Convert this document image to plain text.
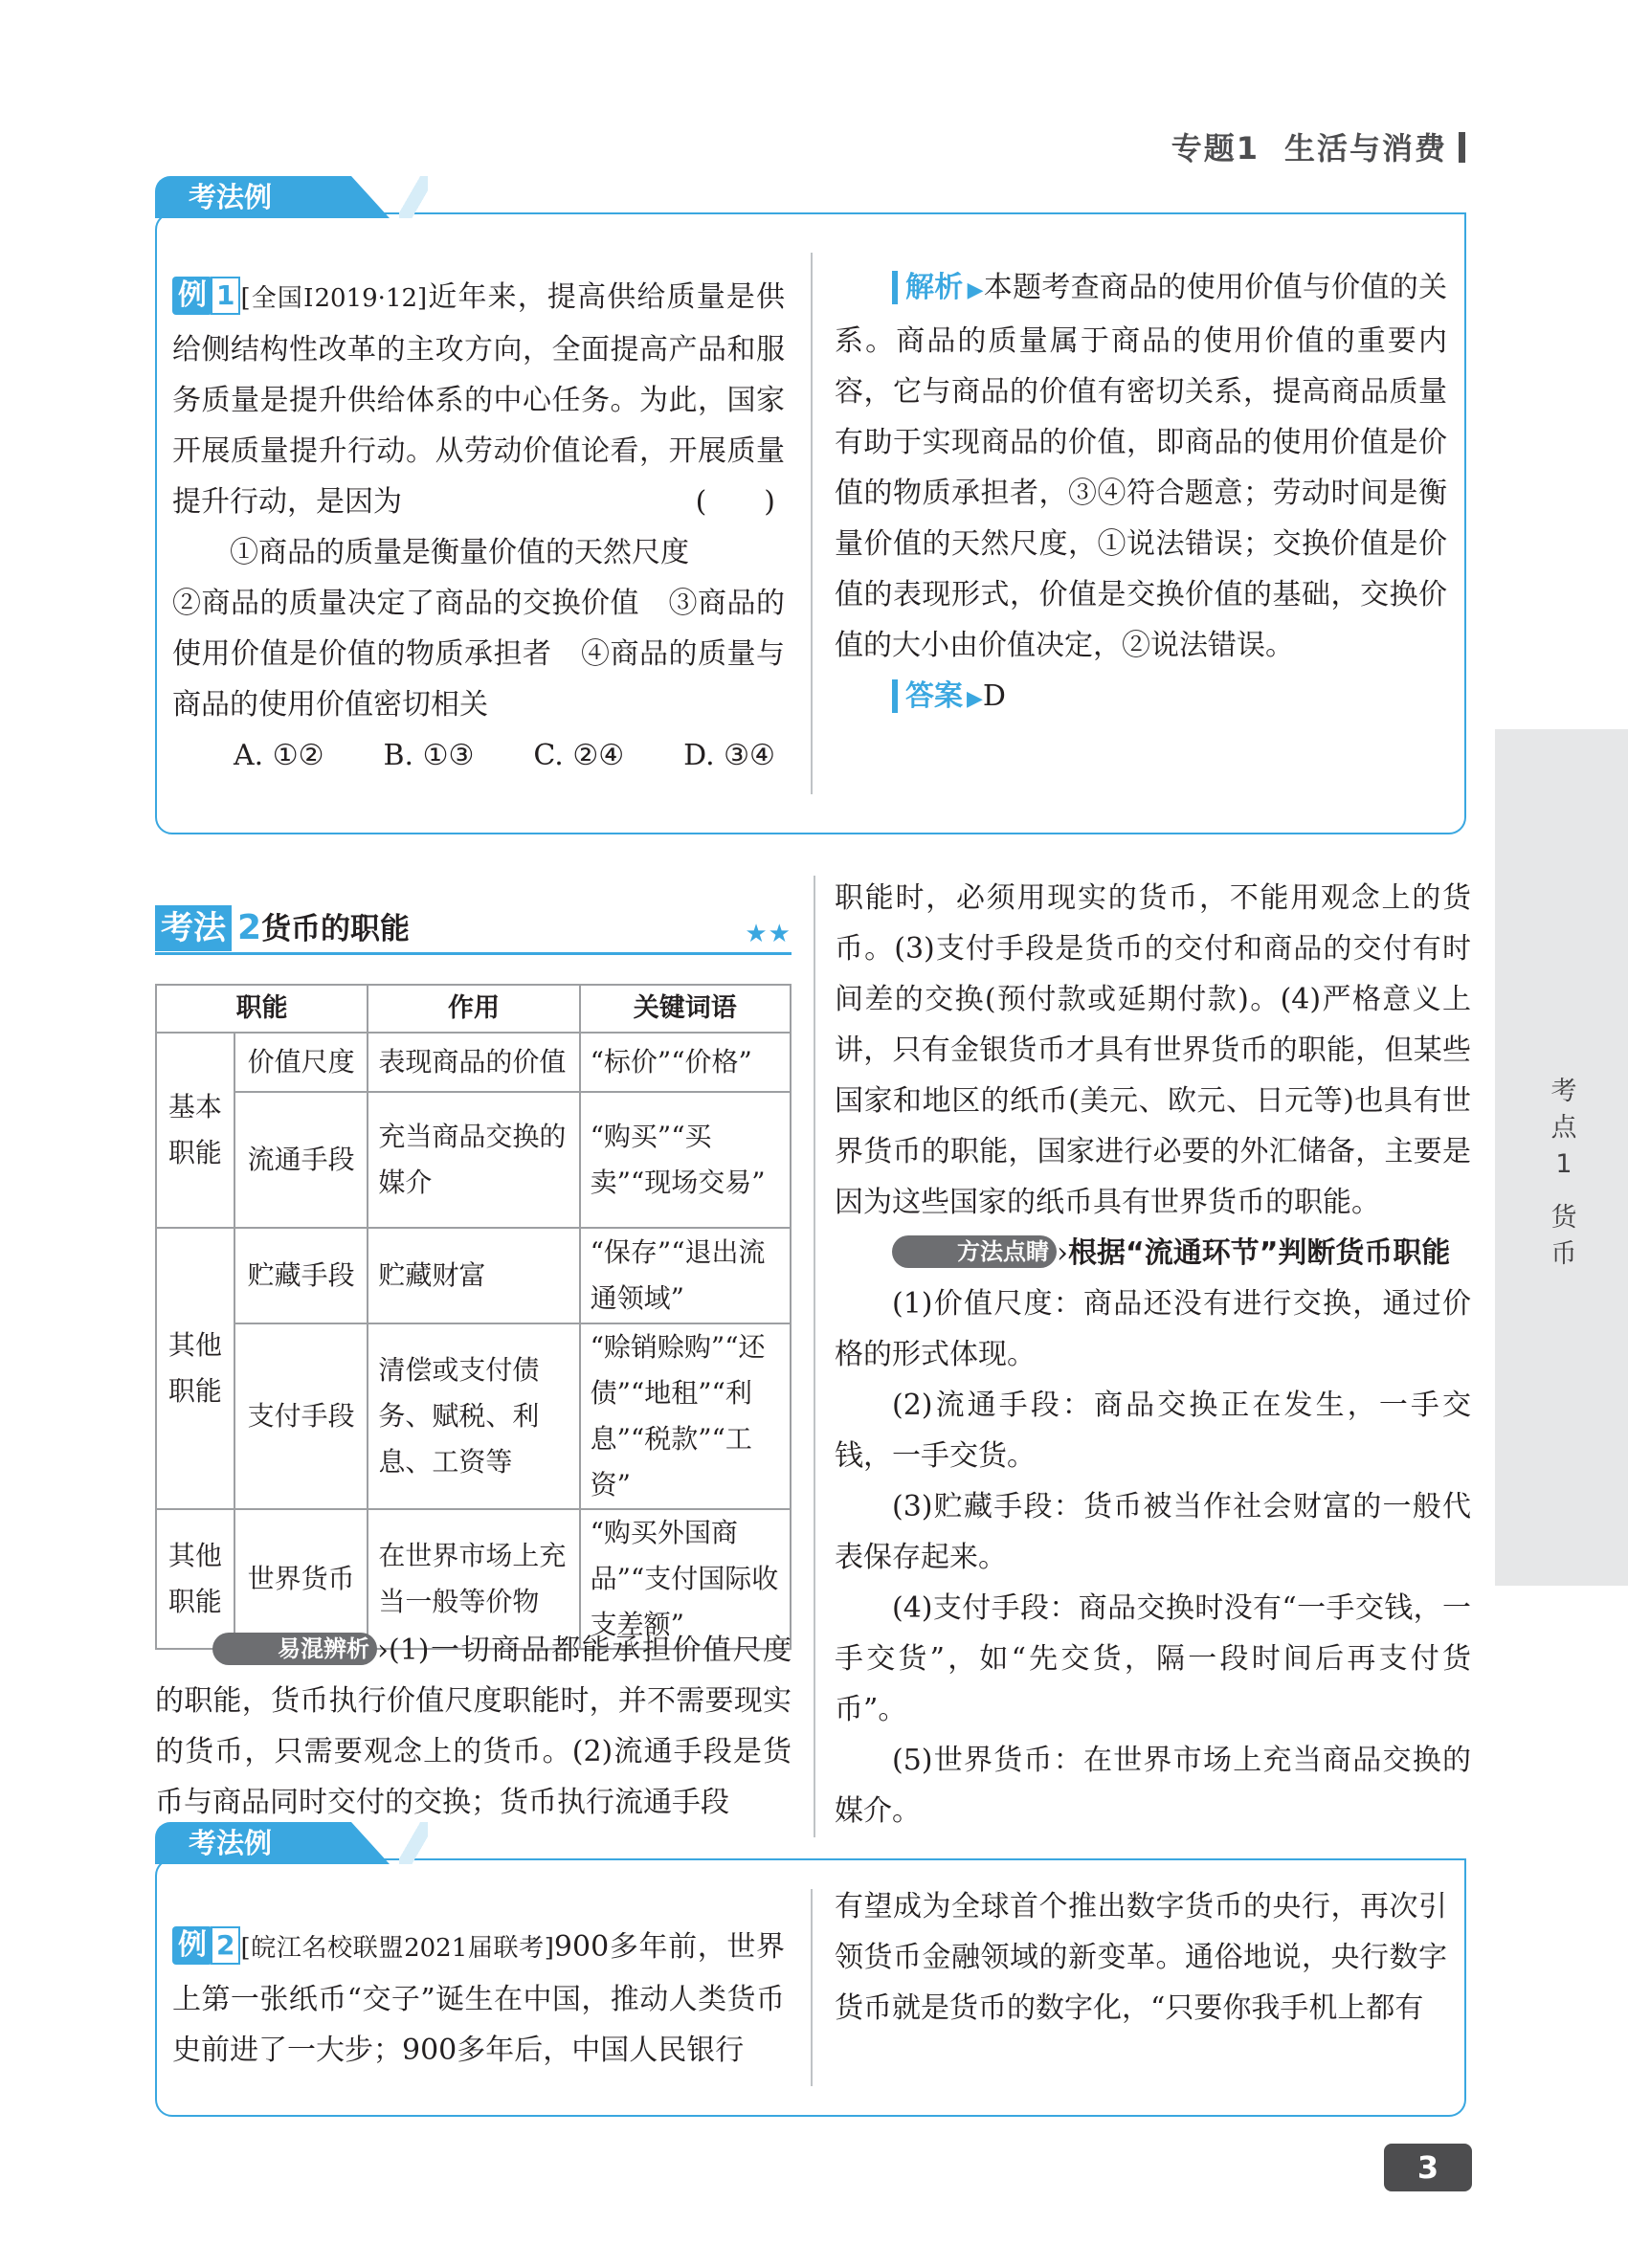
专题1 生活与消费
考法例

例 1 [全国Ⅰ2019·12]近年来，提高供给质量是供给侧结构性改革的主攻方向，全面提高产品和服务质量是提升供给体系的中心任务。为此，国家开展质量提升行动。从劳动价值论看，开展质量提升行动，是因为	(　　)

①商品的质量是衡量价值的天然尺度

②商品的质量决定了商品的交换价值　③商品的使用价值是价值的物质承担者　④商品的质量与商品的使用价值密切相关

A. ①② B. ①③ C. ②④ D. ③④

解析 ▶本题考查商品的使用价值与价值的关系。商品的质量属于商品的使用价值的重要内容，它与商品的价值有密切关系，提高商品质量有助于实现商品的价值，即商品的使用价值是价值的物质承担者，③④符合题意；劳动时间是衡量价值的天然尺度，①说法错误；交换价值是价值的表现形式，价值是交换价值的基础，交换价值的大小由价值决定，②说法错误。

答案 ▶D

考法 2货币的职能	★★
职能		作用	关键词语
基本职能	价值尺度	表现商品的价值	“标价”“价格”
	流通手段	充当商品交换的媒介	“购买”“买卖”“现场交易”
其他职能	贮藏手段	贮藏财富	“保存”“退出流通领域”
	支付手段	清偿或支付债务、赋税、利息、工资等	“赊销赊购”“还债”“地租”“利息”“税款”“工资”
其他职能	世界货币	在世界市场上充当一般等价物	“购买外国商品”“支付国际收支差额”

易混辨析 ›(1)一切商品都能承担价值尺度的职能，货币执行价值尺度职能时，并不需要现实的货币，只需要观念上的货币。(2)流通手段是货币与商品同时交付的交换；货币执行流通手段

职能时，必须用现实的货币，不能用观念上的货币。(3)支付手段是货币的交付和商品的交付有时间差的交换(预付款或延期付款)。(4)严格意义上讲，只有金银货币才具有世界货币的职能，但某些国家和地区的纸币(美元、欧元、日元等)也具有世界货币的职能，国家进行必要的外汇储备，主要是因为这些国家的纸币具有世界货币的职能。

方法点睛 ›根据“流通环节”判断货币职能

(1)价值尺度：商品还没有进行交换，通过价格的形式体现。

(2)流通手段：商品交换正在发生，一手交钱，一手交货。

(3)贮藏手段：货币被当作社会财富的一般代表保存起来。

(4)支付手段：商品交换时没有“一手交钱，一手交货”，如“先交货，隔一段时间后再支付货币”。

(5)世界货币：在世界市场上充当商品交换的媒介。

考法例

例 2 [皖江名校联盟2021届联考]900多年前，世界上第一张纸币“交子”诞生在中国，推动人类货币史前进了一大步；900多年后，中国人民银行

有望成为全球首个推出数字货币的央行，再次引领货币金融领域的新变革。通俗地说，央行数字货币就是货币的数字化，“只要你我手机上都有

考
点
1
货
币
3
